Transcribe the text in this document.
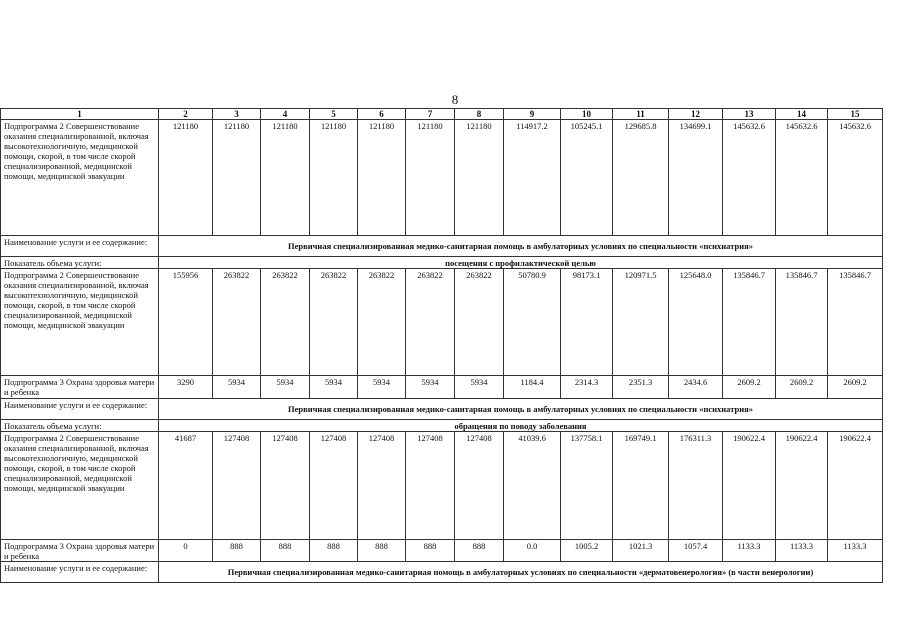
8
1	2	3	4	5	6	7	8	9	10	11	12	13	14	15
Подпрограмма 2 Совершенствование оказания специализированной, включая высокотехнологичную, медицинской помощи, скорой, в том числе скорой специализированной, медицинской помощи, медицинской эвакуации	121180	121180	121180	121180	121180	121180	121180	114917.2	105245.1	129685.8	134699.1	145632.6	145632.6	145632.6
Наименование услуги и ее содержание:	Первичная специализированная медико-санитарная помощь в амбулаторных условиях по специальности «психиатрия»													
Показатель объема услуги:	посещения с профилактической целью													
Подпрограмма 2 Совершенствование оказания специализированной, включая высокотехнологичную, медицинской помощи, скорой, в том числе скорой специализированной, медицинской помощи, медицинской эвакуации	155956	263822	263822	263822	263822	263822	263822	50780.9	98173.1	120971.5	125648.0	135846.7	135846.7	135846.7
Подпрограмма 3 Охрана здоровья матери и ребенка	3290	5934	5934	5934	5934	5934	5934	1184.4	2314.3	2351.3	2434.6	2609.2	2609.2	2609.2
Наименование услуги и ее содержание:	Первичная специализированная медико-санитарная помощь в амбулаторных условиях по специальности «психиатрия»													
Показатель объема услуги:	обращения по поводу заболевания													
Подпрограмма 2 Совершенствование оказания специализированной, включая высокотехнологичную, медицинской помощи, скорой, в том числе скорой специализированной, медицинской помощи, медицинской эвакуации	41687	127408	127408	127408	127408	127408	127408	41039.6	137758.1	169749.1	176311.3	190622.4	190622.4	190622.4
Подпрограмма 3 Охрана здоровья матери и ребенка	0	888	888	888	888	888	888	0.0	1005.2	1021.3	1057.4	1133.3	1133.3	1133.3
Наименование услуги и ее содержание:	Первичная специализированная медико-санитарная помощь в амбулаторных условиях по специальности «дерматовенерология» (в части венерологии)													
